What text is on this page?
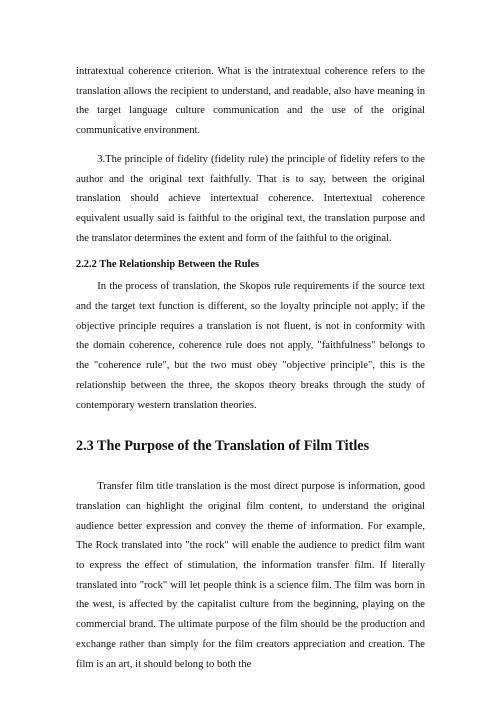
intratextual coherence criterion. What is the intratextual coherence refers to the translation allows the recipient to understand, and readable, also have meaning in the target language culture communication and the use of the original communicative environment.

3.The principle of fidelity (fidelity rule) the principle of fidelity refers to the author and the original text faithfully. That is to say, between the original translation should achieve intertextual coherence. Intertextual coherence equivalent usually said is faithful to the original text, the translation purpose and the translator determines the extent and form of the faithful to the original.

2.2.2 The Relationship Between the Rules

In the process of translation, the Skopos rule requirements if the source text and the target text function is different, so the loyalty principle not apply; if the objective principle requires a translation is not fluent, is not in conformity with the domain coherence, coherence rule does not apply, "faithfulness" belongs to the "coherence rule", but the two must obey "objective principle", this is the relationship between the three, the skopos theory breaks through the study of contemporary western translation theories.

2.3 The Purpose of the Translation of Film Titles

Transfer film title translation is the most direct purpose is information, good translation can highlight the original film content, to understand the original audience better expression and convey the theme of information. For example, The Rock translated into "the rock" will enable the audience to predict film want to express the effect of stimulation, the information transfer film. If literally translated into "rock" will let people think is a science film. The film was born in the west, is affected by the capitalist culture from the beginning, playing on the commercial brand. The ultimate purpose of the film should be the production and exchange rather than simply for the film creators appreciation and creation. The film is an art, it should belong to both the
